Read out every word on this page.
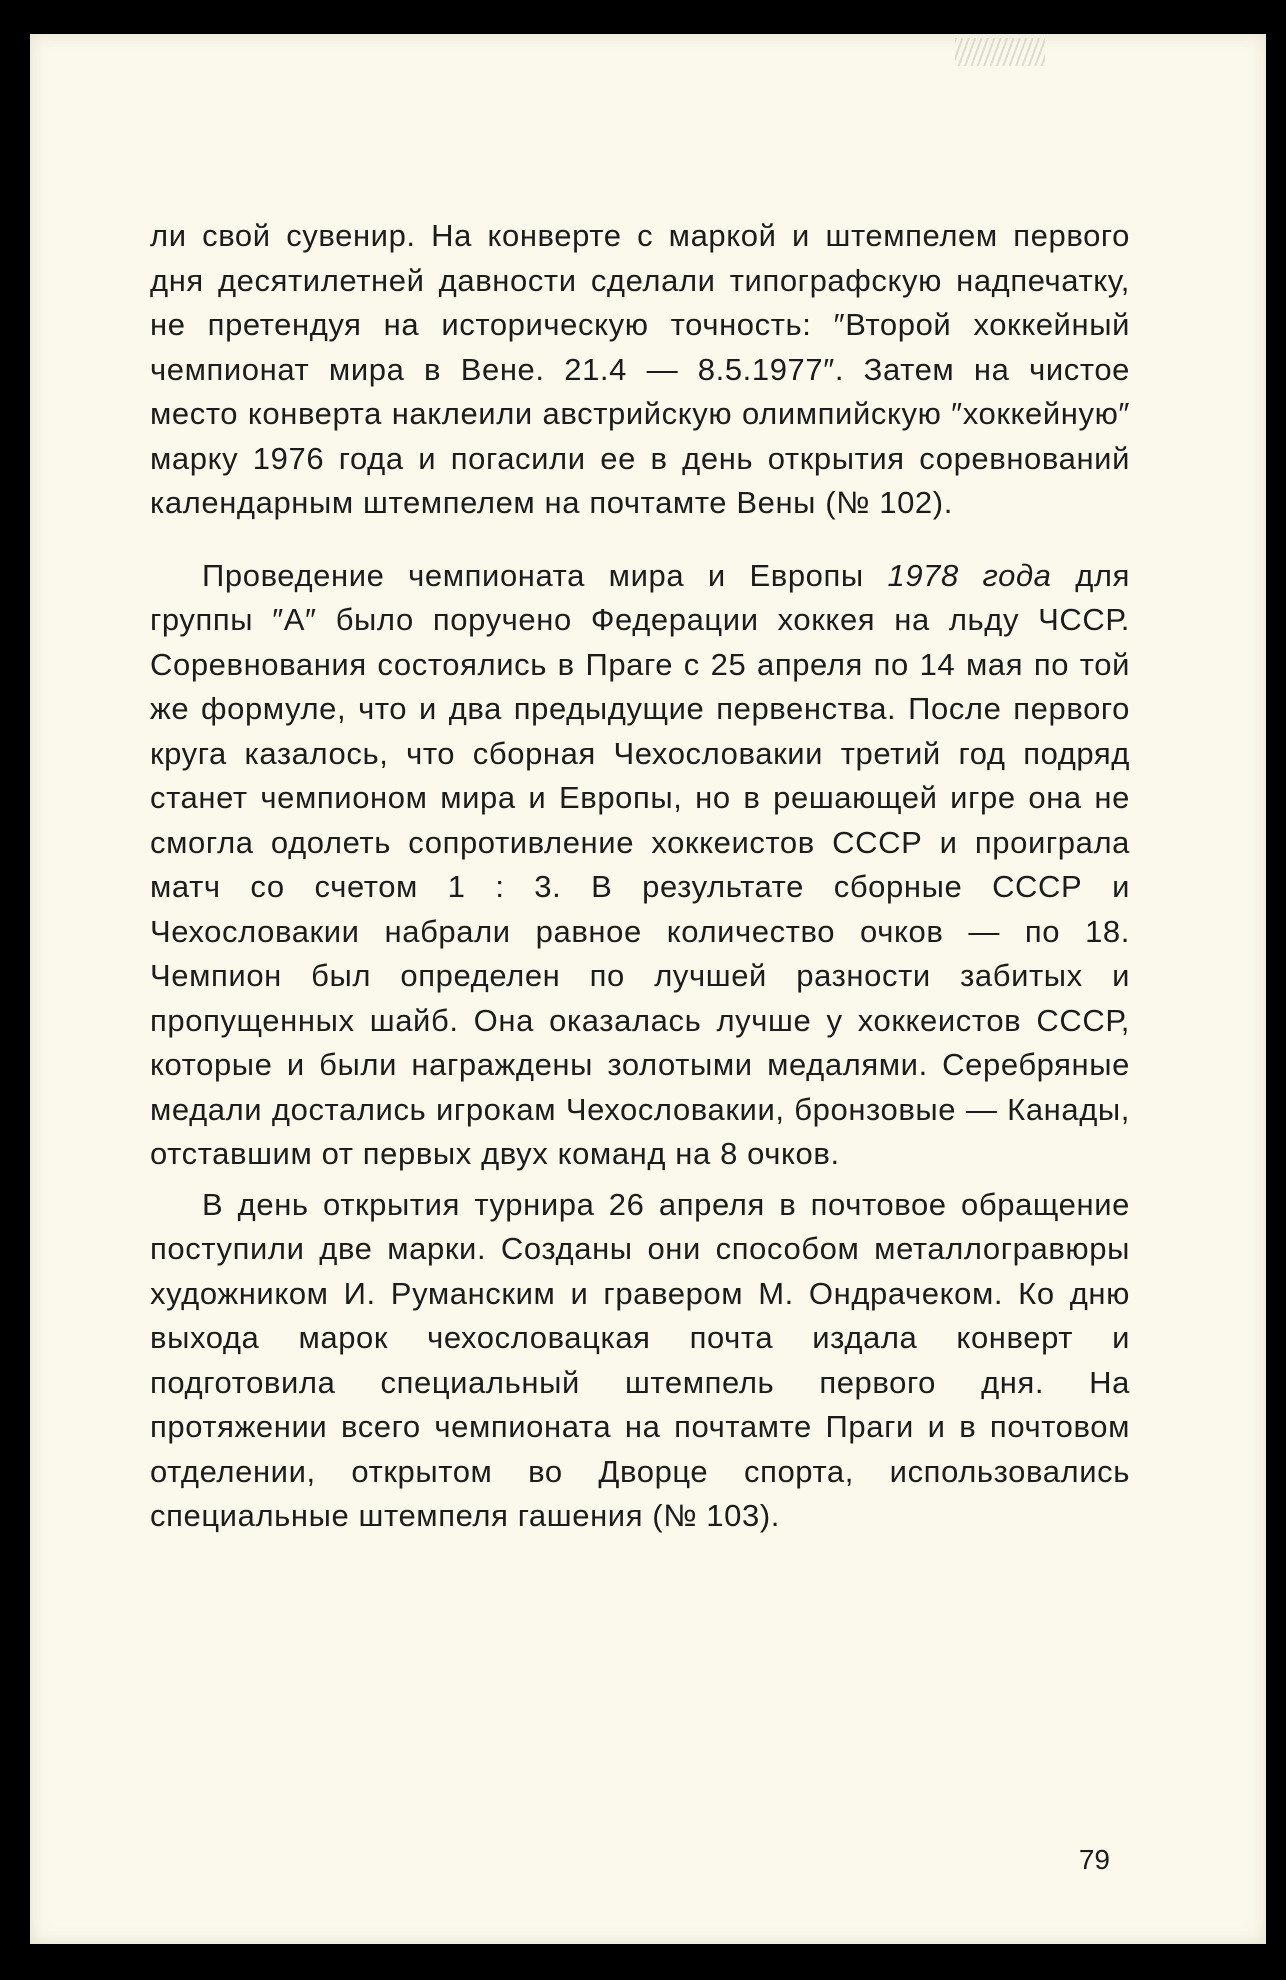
ли свой сувенир. На конверте с маркой и штемпелем первого дня десятилетней давности сделали типографскую надпечатку, не претендуя на историческую точность: ″Второй хоккейный чемпионат мира в Вене. 21.4 — 8.5.1977″. Затем на чистое место конверта наклеили австрийскую олимпийскую ″хоккейную″ марку 1976 года и погасили ее в день открытия соревнований календарным штемпелем на почтамте Вены (№ 102).

Проведение чемпионата мира и Европы 1978 года для группы ″A″ было поручено Федерации хоккея на льду ЧССР. Соревнования состоялись в Праге с 25 апреля по 14 мая по той же формуле, что и два предыдущие первенства. После первого круга казалось, что сборная Чехословакии третий год подряд станет чемпионом мира и Европы, но в решающей игре она не смогла одолеть сопротивление хоккеистов СССР и проиграла матч со счетом 1 : 3. В результате сборные СССР и Чехословакии набрали равное количество очков — по 18. Чемпион был определен по лучшей разности забитых и пропущенных шайб. Она оказалась лучше у хоккеистов СССР, которые и были награждены золотыми медалями. Серебряные медали достались игрокам Чехословакии, бронзовые — Канады, отставшим от первых двух команд на 8 очков.

В день открытия турнира 26 апреля в почтовое обращение поступили две марки. Созданы они способом металлогравюры художником И. Руманским и гравером М. Ондрачеком. Ко дню выхода марок чехословацкая почта издала конверт и подготовила специальный штемпель первого дня. На протяжении всего чемпионата на почтамте Праги и в почтовом отделении, открытом во Дворце спорта, использовались специальные штемпеля гашения (№ 103).

79
